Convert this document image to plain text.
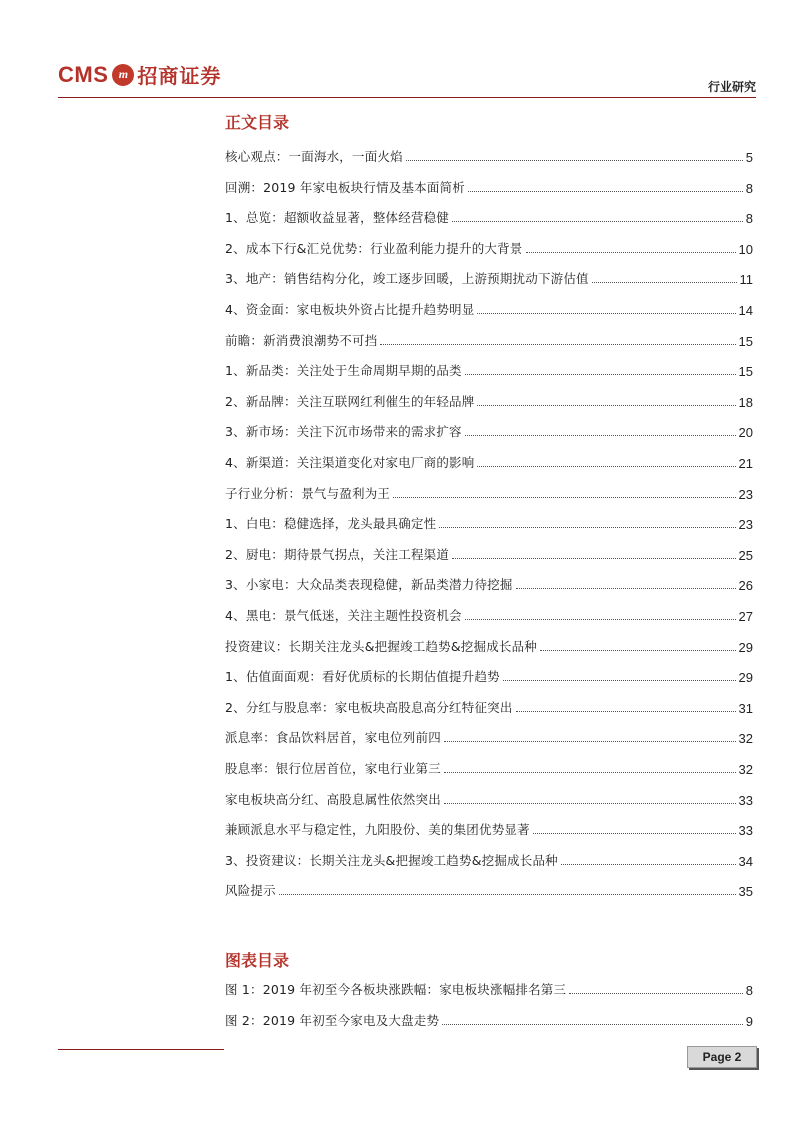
CMS m 招商证券	行业研究
正文目录
核心观点：一面海水，一面火焰	5
回溯：2019 年家电板块行情及基本面简析	8
1、总览：超额收益显著，整体经营稳健	8
2、成本下行&汇兑优势：行业盈利能力提升的大背景	10
3、地产：销售结构分化，竣工逐步回暖，上游预期扰动下游估值	11
4、资金面：家电板块外资占比提升趋势明显	14
前瞻：新消费浪潮势不可挡	15
1、新品类：关注处于生命周期早期的品类	15
2、新品牌：关注互联网红利催生的年轻品牌	18
3、新市场：关注下沉市场带来的需求扩容	20
4、新渠道：关注渠道变化对家电厂商的影响	21
子行业分析：景气与盈利为王	23
1、白电：稳健选择，龙头最具确定性	23
2、厨电：期待景气拐点，关注工程渠道	25
3、小家电：大众品类表现稳健，新品类潜力待挖掘	26
4、黑电：景气低迷，关注主题性投资机会	27
投资建议：长期关注龙头&把握竣工趋势&挖掘成长品种	29
1、估值面面观：看好优质标的长期估值提升趋势	29
2、分红与股息率：家电板块高股息高分红特征突出	31
派息率：食品饮料居首，家电位列前四	32
股息率：银行位居首位，家电行业第三	32
家电板块高分红、高股息属性依然突出	33
兼顾派息水平与稳定性，九阳股份、美的集团优势显著	33
3、投资建议：长期关注龙头&把握竣工趋势&挖掘成长品种	34
风险提示	35
图表目录
图 1：2019 年初至今各板块涨跌幅：家电板块涨幅排名第三	8
图 2：2019 年初至今家电及大盘走势	9
Page 2
